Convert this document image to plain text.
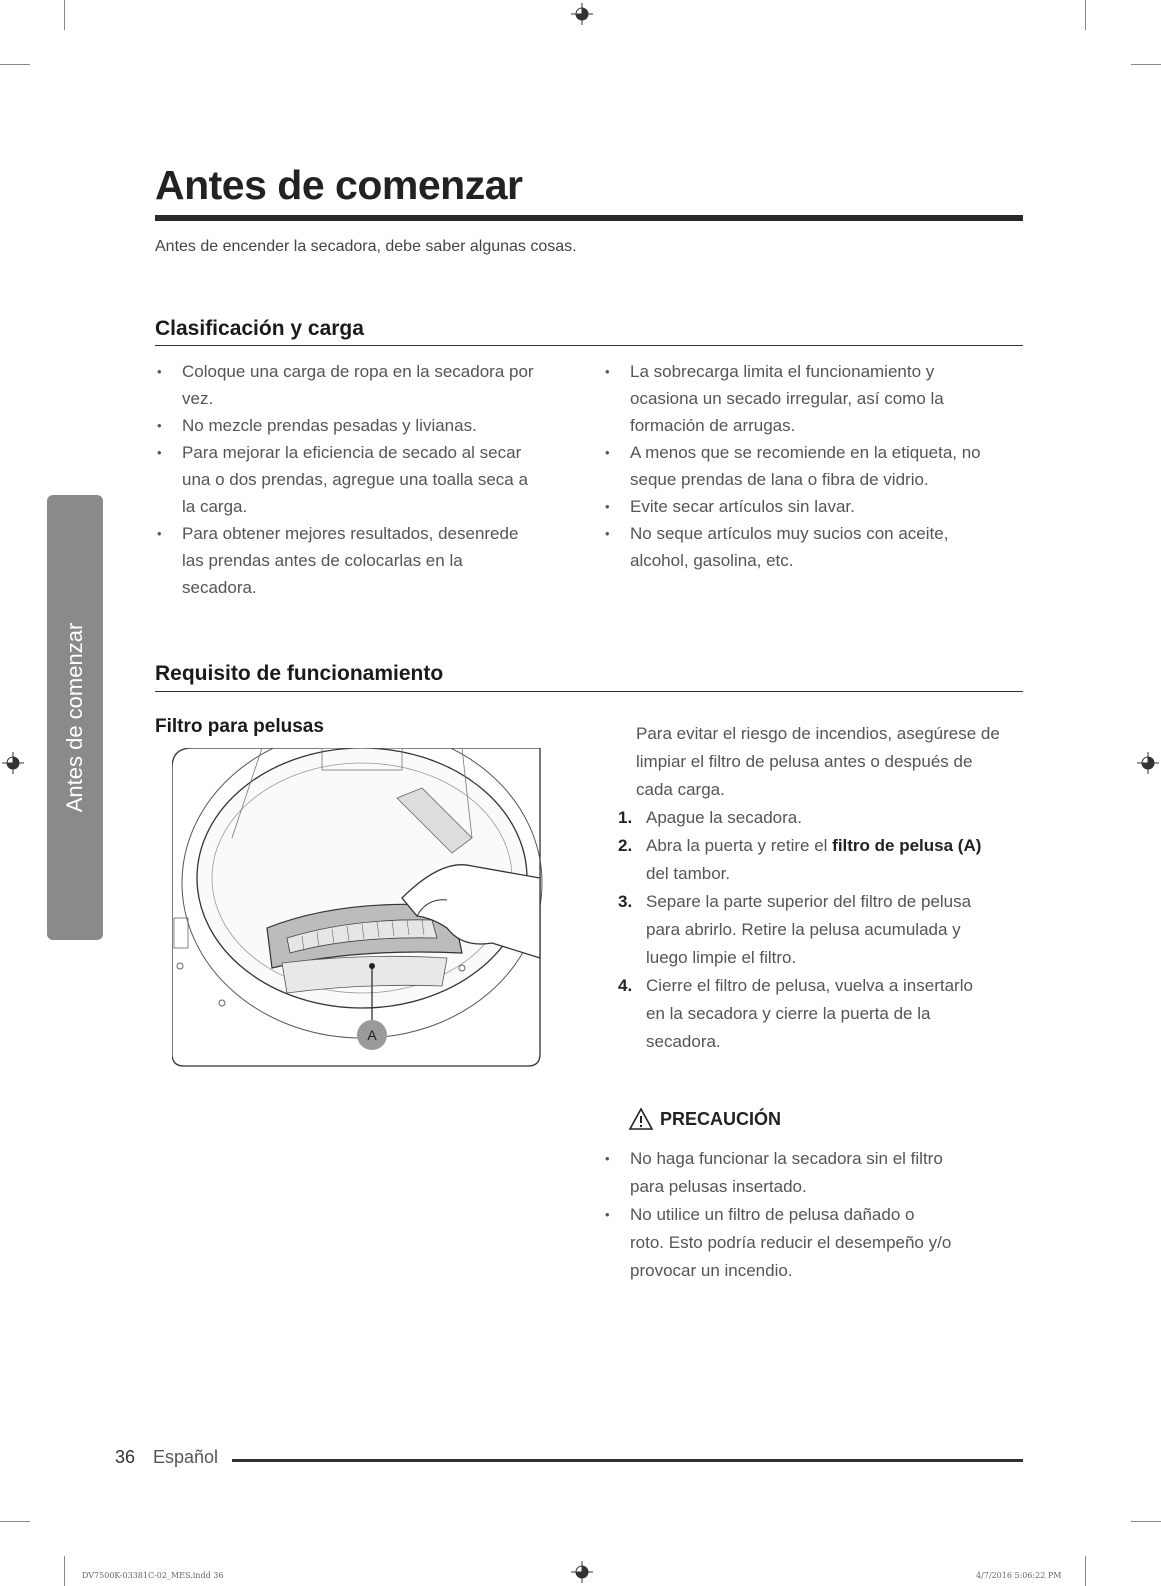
Antes de comenzar
Antes de comenzar
Antes de encender la secadora, debe saber algunas cosas.
Clasificación y carga
• Coloque una carga de ropa en la secadora por
vez.
• No mezcle prendas pesadas y livianas.
• Para mejorar la eficiencia de secado al secar
una o dos prendas, agregue una toalla seca a
la carga.
• Para obtener mejores resultados, desenrede
las prendas antes de colocarlas en la
secadora.
• La sobrecarga limita el funcionamiento y
ocasiona un secado irregular, así como la
formación de arrugas.
• A menos que se recomiende en la etiqueta, no
seque prendas de lana o fibra de vidrio.
• Evite secar artículos sin lavar.
• No seque artículos muy sucios con aceite,
alcohol, gasolina, etc.
Requisito de funcionamiento
Filtro para pelusas
A
Para evitar el riesgo de incendios, asegúrese de
limpiar el filtro de pelusa antes o después de
cada carga.
1. Apague la secadora.
2. Abra la puerta y retire el filtro de pelusa (A)
del tambor.
3. Separe la parte superior del filtro de pelusa
para abrirlo. Retire la pelusa acumulada y
luego limpie el filtro.
4. Cierre el filtro de pelusa, vuelva a insertarlo
en la secadora y cierre la puerta de la
secadora.
PRECAUCIÓN
• No haga funcionar la secadora sin el filtro
para pelusas insertado.
• No utilice un filtro de pelusa dañado o
roto. Esto podría reducir el desempeño y/o
provocar un incendio.
36 Español
DV7500K-03381C-02_MES.indd 36	4/7/2016 5:06:22 PM
